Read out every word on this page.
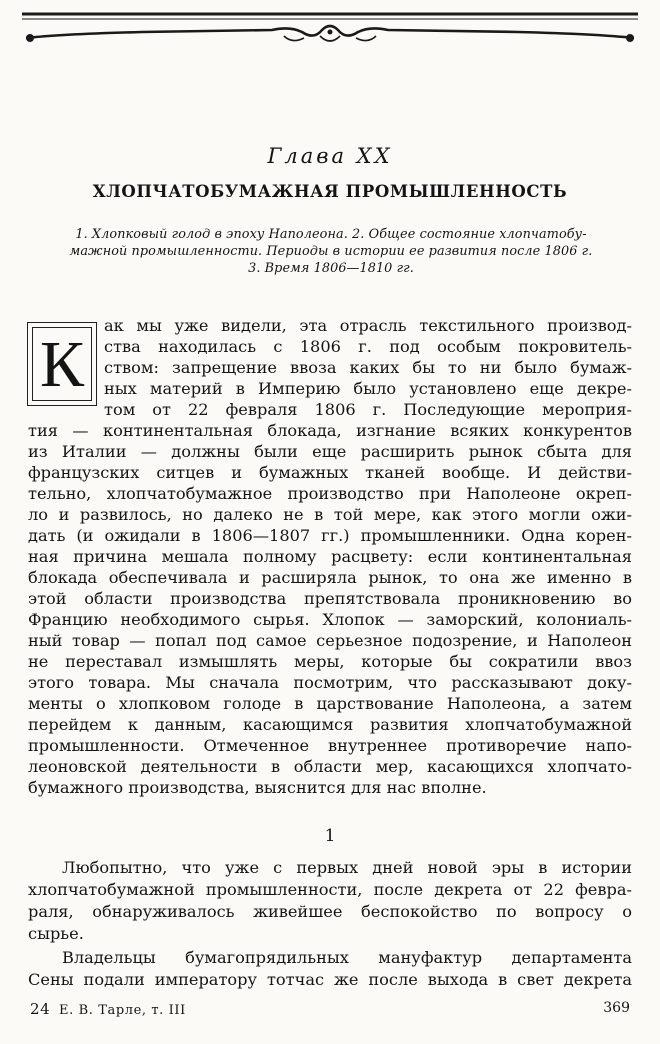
Глава XX
ХЛОПЧАТОБУМАЖНАЯ ПРОМЫШЛЕННОСТЬ
1. Хлопковый голод в эпоху Наполеона. 2. Общее состояние хлопчатобу-
мажной промышленности. Периоды в истории ее развития после 1806 г.
3. Время 1806—1810 гг.
К
ак мы уже видели, эта отрасль текстильного производ-
ства находилась с 1806 г. под особым покровитель-
ством: запрещение ввоза каких бы то ни было бумаж-
ных материй в Империю было установлено еще декре-
том от 22 февраля 1806 г. Последующие мероприя-
тия — континентальная блокада, изгнание всяких конкурентов
из Италии — должны были еще расширить рынок сбыта для
французских ситцев и бумажных тканей вообще. И действи-
тельно, хлопчатобумажное производство при Наполеоне окреп-
ло и развилось, но далеко не в той мере, как этого могли ожи-
дать (и ожидали в 1806—1807 гг.) промышленники. Одна корен-
ная причина мешала полному расцвету: если континентальная
блокада обеспечивала и расширяла рынок, то она же именно в
этой области производства препятствовала проникновению во
Францию необходимого сырья. Хлопок — заморский, колониаль-
ный товар — попал под самое серьезное подозрение, и Наполеон
не переставал измышлять меры, которые бы сократили ввоз
этого товара. Мы сначала посмотрим, что рассказывают доку-
менты о хлопковом голоде в царствование Наполеона, а затем
перейдем к данным, касающимся развития хлопчатобумажной
промышленности. Отмеченное внутреннее противоречие напо-
леоновской деятельности в области мер, касающихся хлопчато-
бумажного производства, выяснится для нас вполне.
1
Любопытно, что уже с первых дней новой эры в истории
хлопчатобумажной промышленности, после декрета от 22 февра-
раля, обнаруживалось живейшее беспокойство по вопросу о
сырье.
Владельцы бумагопрядильных мануфактур департамента
Сены подали императору тотчас же после выхода в свет декрета
24 Е. В. Тарле, т. III	369
